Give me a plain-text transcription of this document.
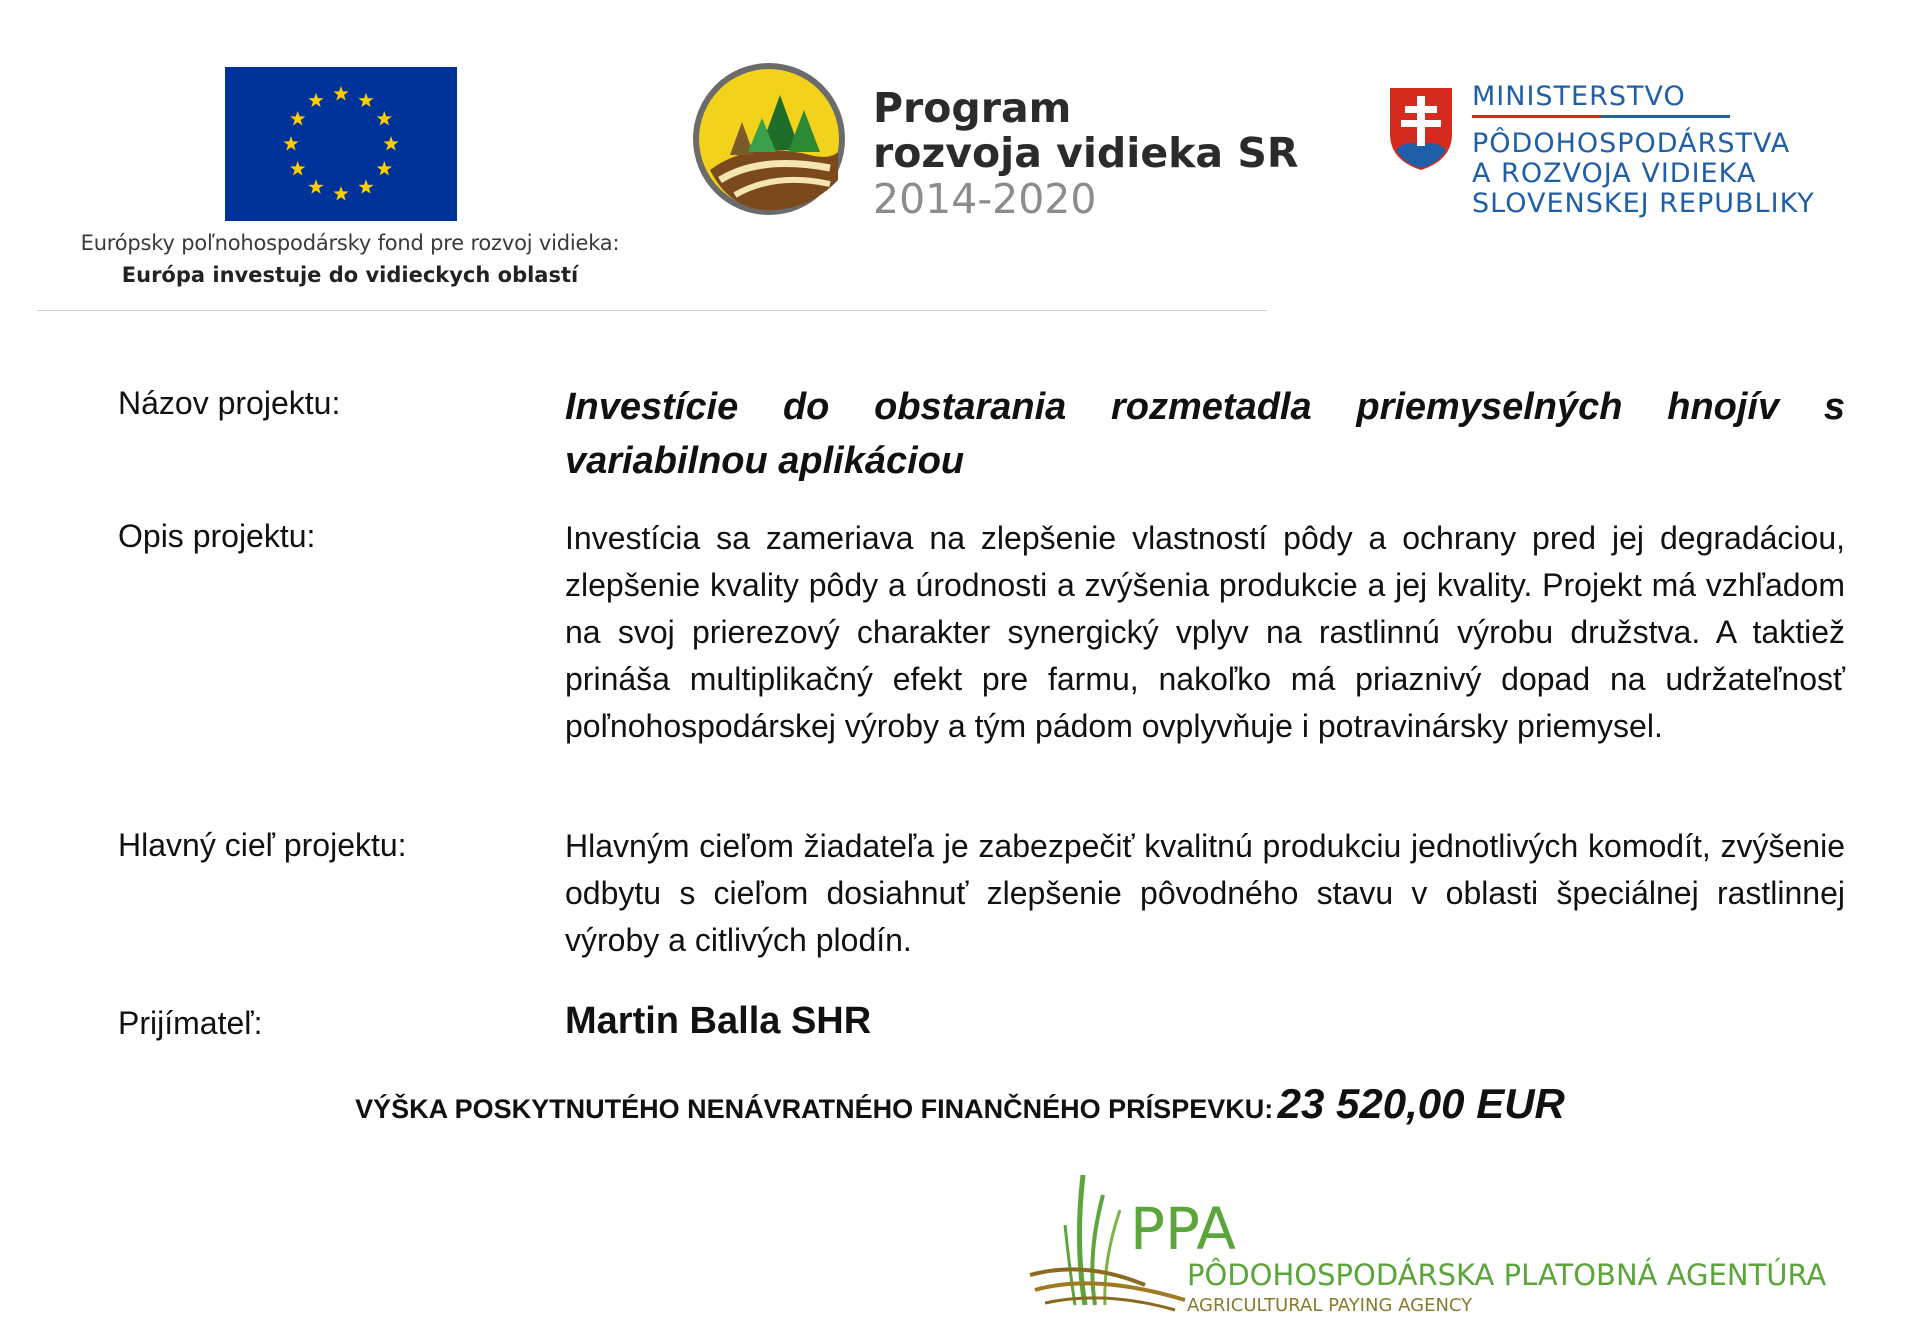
Európsky poľnohospodársky fond pre rozvoj vidieka:
Európa investuje do vidieckych oblastí
Program
rozvoja vidieka SR
2014-2020
MINISTERSTVO
PÔDOHOSPODÁRSTVA
A ROZVOJA VIDIEKA
SLOVENSKEJ REPUBLIKY
Názov projektu:	Investície do obstarania rozmetadla priemyselných hnojív s variabilnou aplikáciou
Opis projektu:	Investícia sa zameriava na zlepšenie vlastností pôdy a ochrany pred jej degradáciou, zlepšenie kvality pôdy a úrodnosti a zvýšenia produkcie a jej kvality. Projekt má vzhľadom na svoj prierezový charakter synergický vplyv na rastlinnú výrobu družstva. A taktiež prináša multiplikačný efekt pre farmu, nakoľko má priaznivý dopad na udržateľnosť poľnohospodárskej výroby a tým pádom ovplyvňuje i potravinársky priemysel.
Hlavný cieľ projektu:	Hlavným cieľom žiadateľa je zabezpečiť kvalitnú produkciu jednotlivých komodít, zvýšenie odbytu s cieľom dosiahnuť zlepšenie pôvodného stavu v oblasti špeciálnej rastlinnej výroby a citlivých plodín.
Prijímateľ:	Martin Balla SHR
VÝŠKA POSKYTNUTÉHO NENÁVRATNÉHO FINANČNÉHO PRÍSPEVKU: 23 520,00 EUR
PPA
PÔDOHOSPODÁRSKA PLATOBNÁ AGENTÚRA
AGRICULTURAL PAYING AGENCY
